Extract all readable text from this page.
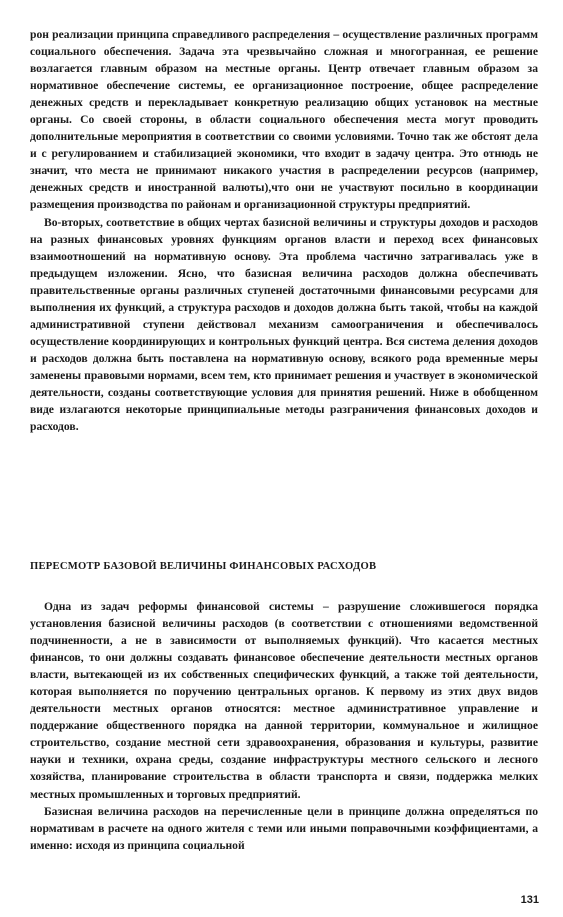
рон реализации принципа справедливого распределения – осуществление различных программ социального обеспечения. Задача эта чрезвычайно сложная и многогранная, ее решение возлагается главным образом на местные органы. Центр отвечает главным образом за нормативное обеспечение системы, ее организационное построение, общее распределение денежных средств и перекладывает конкретную реализацию общих установок на местные органы. Со своей стороны, в области социального обеспечения места могут проводить дополнительные мероприятия в соответствии со своими условиями. Точно так же обстоят дела и с регулированием и стабилизацией экономики, что входит в задачу центра. Это отнюдь не значит, что места не принимают никакого участия в распределении ресурсов (например, денежных средств и иностранной валюты),что они не участвуют посильно в координации размещения производства по районам и организационной структуры предприятий.

Во-вторых, соответствие в общих чертах базисной величины и структуры доходов и расходов на разных финансовых уровнях функциям органов власти и переход всех финансовых взаимоотношений на нормативную основу. Эта проблема частично затрагивалась уже в предыдущем изложении. Ясно, что базисная величина расходов должна обеспечивать правительственные органы различных ступеней достаточными финансовыми ресурсами для выполнения их функций, а структура расходов и доходов должна быть такой, чтобы на каждой административной ступени действовал механизм самоограничения и обеспечивалось осуществление координирующих и контрольных функций центра. Вся система деления доходов и расходов должна быть поставлена на нормативную основу, всякого рода временные меры заменены правовыми нормами, всем тем, кто принимает решения и участвует в экономической деятельности, созданы соответствующие условия для принятия решений. Ниже в обобщенном виде излагаются некоторые принципиальные методы разграничения финансовых доходов и расходов.

ПЕРЕСМОТР БАЗОВОЙ ВЕЛИЧИНЫ ФИНАНСОВЫХ РАСХОДОВ

Одна из задач реформы финансовой системы – разрушение сложившегося порядка установления базисной величины расходов (в соответствии с отношениями ведомственной подчиненности, а не в зависимости от выполняемых функций). Что касается местных финансов, то они должны создавать финансовое обеспечение деятельности местных органов власти, вытекающей из их собственных специфических функций, а также той деятельности, которая выполняется по поручению центральных органов. К первому из этих двух видов деятельности местных органов относятся: местное административное управление и поддержание общественного порядка на данной территории, коммунальное и жилищное строительство, создание местной сети здравоохранения, образования и культуры, развитие науки и техники, охрана среды, создание инфраструктуры местного сельского и лесного хозяйства, планирование строительства в области транспорта и связи, поддержка мелких местных промышленных и торговых предприятий.

Базисная величина расходов на перечисленные цели в принципе должна определяться по нормативам в расчете на одного жителя с теми или иными поправочными коэффициентами, а именно: исходя из принципа социальной

131
